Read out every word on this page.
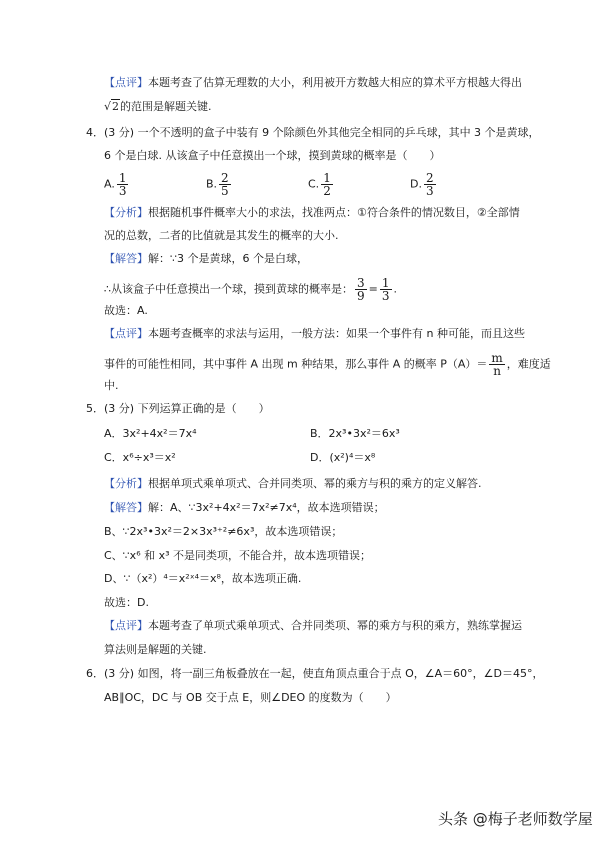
【点评】本题考查了估算无理数的大小，利用被开方数越大相应的算术平方根越大得出
√2的范围是解题关键.
4．(3 分) 一个不透明的盒子中装有 9 个除颜色外其他完全相同的乒乓球，其中 3 个是黄球，
6 个是白球. 从该盒子中任意摸出一个球，摸到黄球的概率是（　　）
A. $\frac{1}{3}$	B. $\frac{2}{5}$	C. $\frac{1}{2}$	D. $\frac{2}{3}$
【分析】根据随机事件概率大小的求法，找准两点：①符合条件的情况数目，②全部情
况的总数，二者的比值就是其发生的概率的大小.
【解答】解：∵3 个是黄球，6 个是白球，
∴从该盒子中任意摸出一个球，摸到黄球的概率是： $\frac{3}{9} = \frac{1}{3}$ .
故选：A.
【点评】本题考查概率的求法与运用，一般方法：如果一个事件有 n 种可能，而且这些
事件的可能性相同，其中事件 A 出现 m 种结果，那么事件 A 的概率 $P(A)= \frac{m}{n}$ ，难度适
中.
5．(3 分) 下列运算正确的是（　　）
A．3x²+4x²＝7x⁴	B．2x³•3x²＝6x³
C．x⁶÷x³＝x²	D．(x²)⁴＝x⁸
【分析】根据单项式乘单项式、合并同类项、幂的乘方与积的乘方的定义解答.
【解答】解：A、∵3x²+4x²＝7x²≠7x⁴，故本选项错误；
B、∵2x³•3x²＝2×3x³⁺²≠6x³，故本选项错误；
C、∵x⁶ 和 x³ 不是同类项，不能合并，故本选项错误；
D、∵（x²）⁴＝x²ˣ⁴＝x⁸，故本选项正确.
故选：D.
【点评】本题考查了单项式乘单项式、合并同类项、幂的乘方与积的乘方，熟练掌握运
算法则是解题的关键.
6．(3 分) 如图，将一副三角板叠放在一起，使直角顶点重合于点 O，∠A＝60°，∠D＝45°，
AB∥OC，DC 与 OB 交于点 E，则∠DEO 的度数为（　　）
头条 @梅子老师数学屋
